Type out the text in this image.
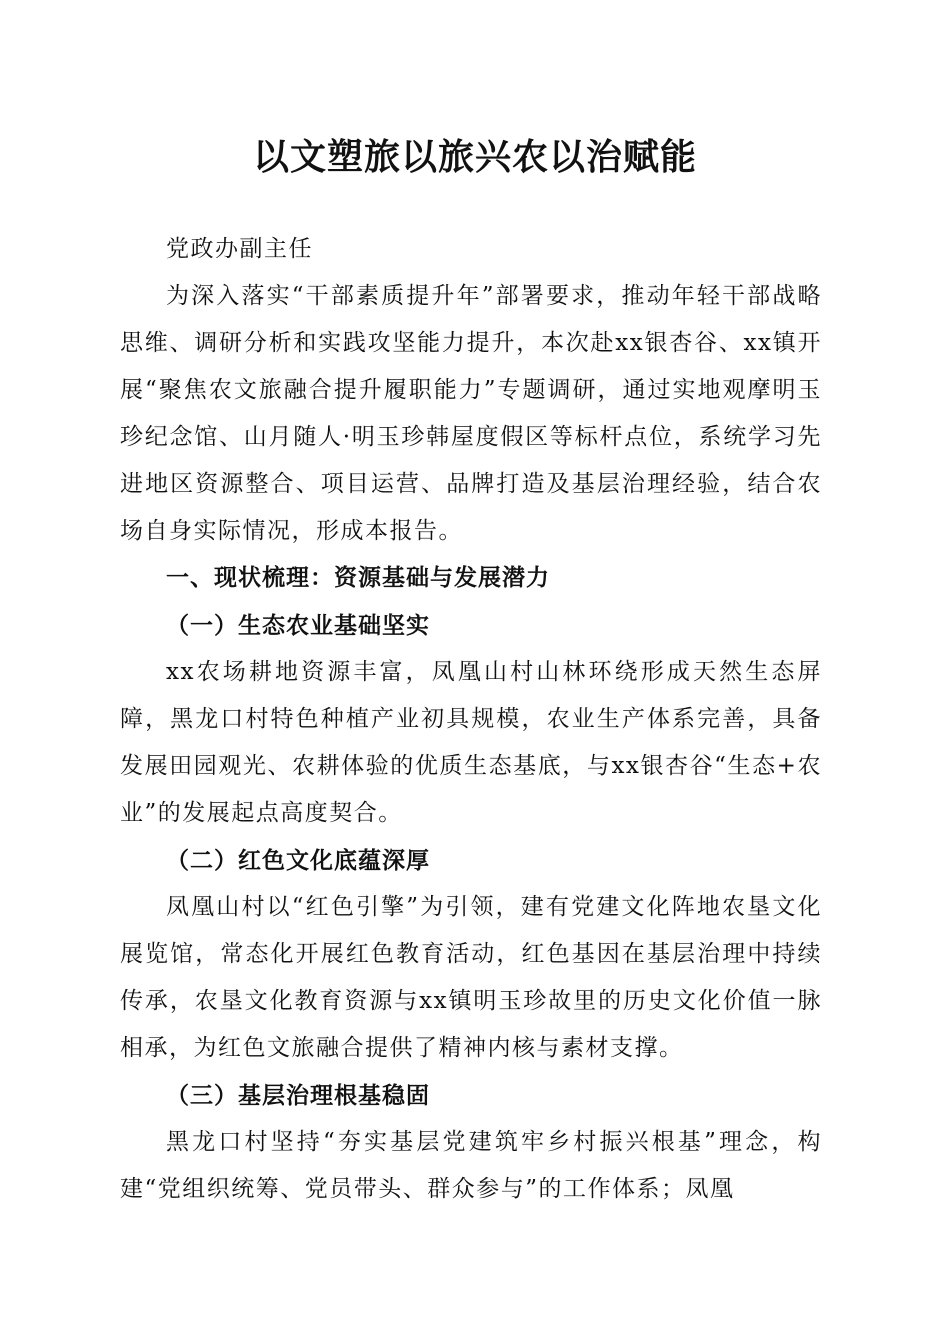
以文塑旅以旅兴农以治赋能

党政办副主任

为深入落实“干部素质提升年”部署要求，推动年轻干部战略思维、调研分析和实践攻坚能力提升，本次赴xx银杏谷、xx镇开展“聚焦农文旅融合提升履职能力”专题调研，通过实地观摩明玉珍纪念馆、山月随人·明玉珍韩屋度假区等标杆点位，系统学习先进地区资源整合、项目运营、品牌打造及基层治理经验，结合农场自身实际情况，形成本报告。

一、现状梳理：资源基础与发展潜力

（一）生态农业基础坚实

xx农场耕地资源丰富，凤凰山村山林环绕形成天然生态屏障，黑龙口村特色种植产业初具规模，农业生产体系完善，具备发展田园观光、农耕体验的优质生态基底，与xx银杏谷“生态+农业”的发展起点高度契合。

（二）红色文化底蕴深厚

凤凰山村以“红色引擎”为引领，建有党建文化阵地农垦文化展览馆，常态化开展红色教育活动，红色基因在基层治理中持续传承，农垦文化教育资源与xx镇明玉珍故里的历史文化价值一脉相承，为红色文旅融合提供了精神内核与素材支撑。

（三）基层治理根基稳固

黑龙口村坚持“夯实基层党建筑牢乡村振兴根基”理念，构建“党组织统筹、党员带头、群众参与”的工作体系；凤凰
